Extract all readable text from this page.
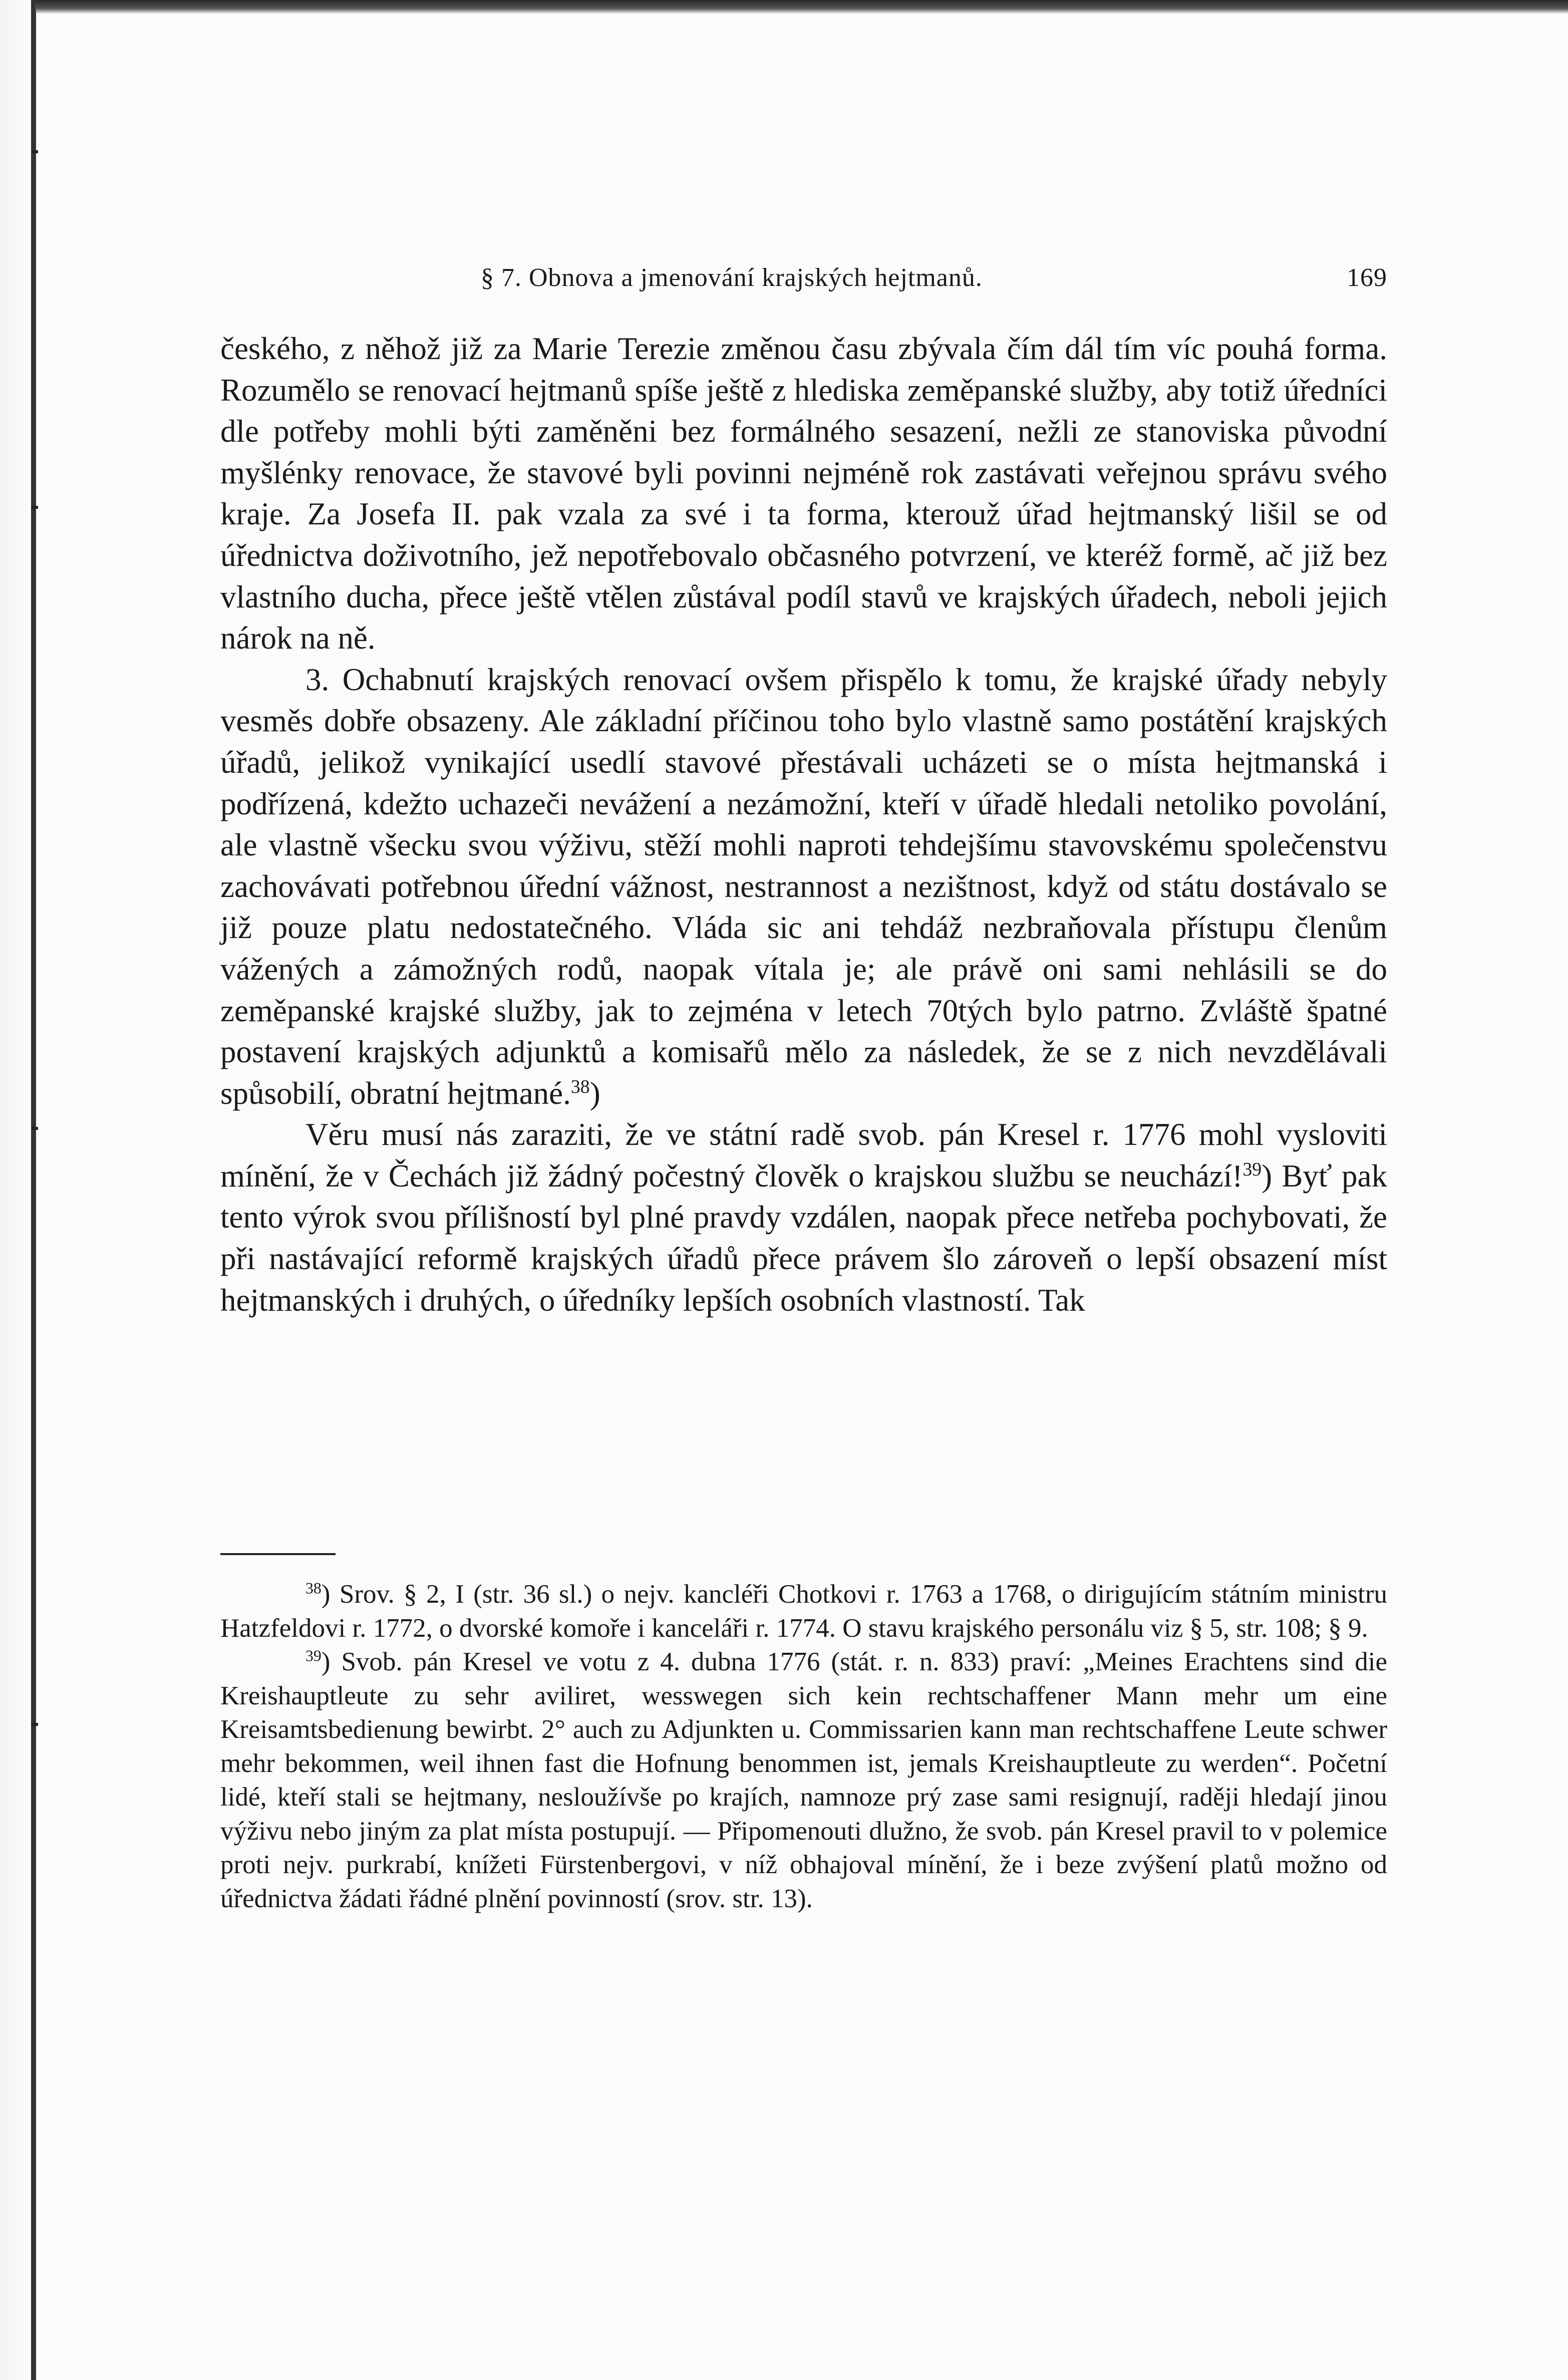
§ 7. Obnova a jmenování krajských hejtmanů.	169

českého, z něhož již za Marie Terezie změnou času zbývala čím dál tím víc pouhá forma. Rozumělo se renovací hejtmanů spíše ještě z hlediska zeměpanské služby, aby totiž úředníci dle potřeby mohli býti zaměněni bez formálného sesazení, nežli ze stanoviska původní myšlénky renovace, že stavové byli povinni nejméně rok zastávati veřejnou správu svého kraje. Za Josefa II. pak vzala za své i ta forma, kterouž úřad hejtmanský lišil se od úřednictva doživotního, jež nepotřebovalo občasného potvrzení, ve kteréž formě, ač již bez vlastního ducha, přece ještě vtělen zůstával podíl stavů ve krajských úřadech, neboli jejich nárok na ně.

3. Ochabnutí krajských renovací ovšem přispělo k tomu, že krajské úřady nebyly vesměs dobře obsazeny. Ale základní příčinou toho bylo vlastně samo postátění krajských úřadů, jelikož vynikající usedlí stavové přestávali ucházeti se o místa hejtmanská i podřízená, kdežto uchazeči nevážení a nezámožní, kteří v úřadě hledali netoliko povolání, ale vlastně všecku svou výživu, stěží mohli naproti tehdejšímu stavovskému společenstvu zachovávati potřebnou úřední vážnost, nestrannost a nezištnost, když od státu dostávalo se již pouze platu nedostatečného. Vláda sic ani tehdáž nezbraňovala přístupu členům vážených a zámožných rodů, naopak vítala je; ale právě oni sami nehlásili se do zeměpanské krajské služby, jak to zejména v letech 70tých bylo patrno. Zvláště špatné postavení krajských adjunktů a komisařů mělo za následek, že se z nich nevzdělávali spůsobilí, obratní hejtmané.$^{38}$)

Věru musí nás zaraziti, že ve státní radě svob. pán Kresel r. 1776 mohl vysloviti mínění, že v Čechách již žádný počestný člověk o krajskou službu se neuchází!$^{39}$) Byť pak tento výrok svou přílišností byl plné pravdy vzdálen, naopak přece netřeba pochybovati, že při nastávající reformě krajských úřadů přece právem šlo zároveň o lepší obsazení míst hejtmanských i druhých, o úředníky lepších osobních vlastností. Tak

$^{38}$) Srov. § 2, I (str. 36 sl.) o nejv. kancléři Chotkovi r. 1763 a 1768, o dirigujícím státním ministru Hatzfeldovi r. 1772, o dvorské komoře i kanceláři r. 1774. O stavu krajského personálu viz § 5, str. 108; § 9.

$^{39}$) Svob. pán Kresel ve votu z 4. dubna 1776 (stát. r. n. 833) praví: „Meines Erachtens sind die Kreishauptleute zu sehr aviliret, wesswegen sich kein rechtschaffener Mann mehr um eine Kreisamtsbedienung bewirbt. 2° auch zu Adjunkten u. Commissarien kann man rechtschaffene Leute schwer mehr bekommen, weil ihnen fast die Hofnung benommen ist, jemals Kreishauptleute zu werden“. Početní lidé, kteří stali se hejtmany, nesloužívše po krajích, namnoze prý zase sami resignují, raději hledají jinou výživu nebo jiným za plat místa postupují. — Připomenouti dlužno, že svob. pán Kresel pravil to v polemice proti nejv. purkrabí, knížeti Fürstenbergovi, v níž obhajoval mínění, že i beze zvýšení platů možno od úřednictva žádati řádné plnění povinností (srov. str. 13).
